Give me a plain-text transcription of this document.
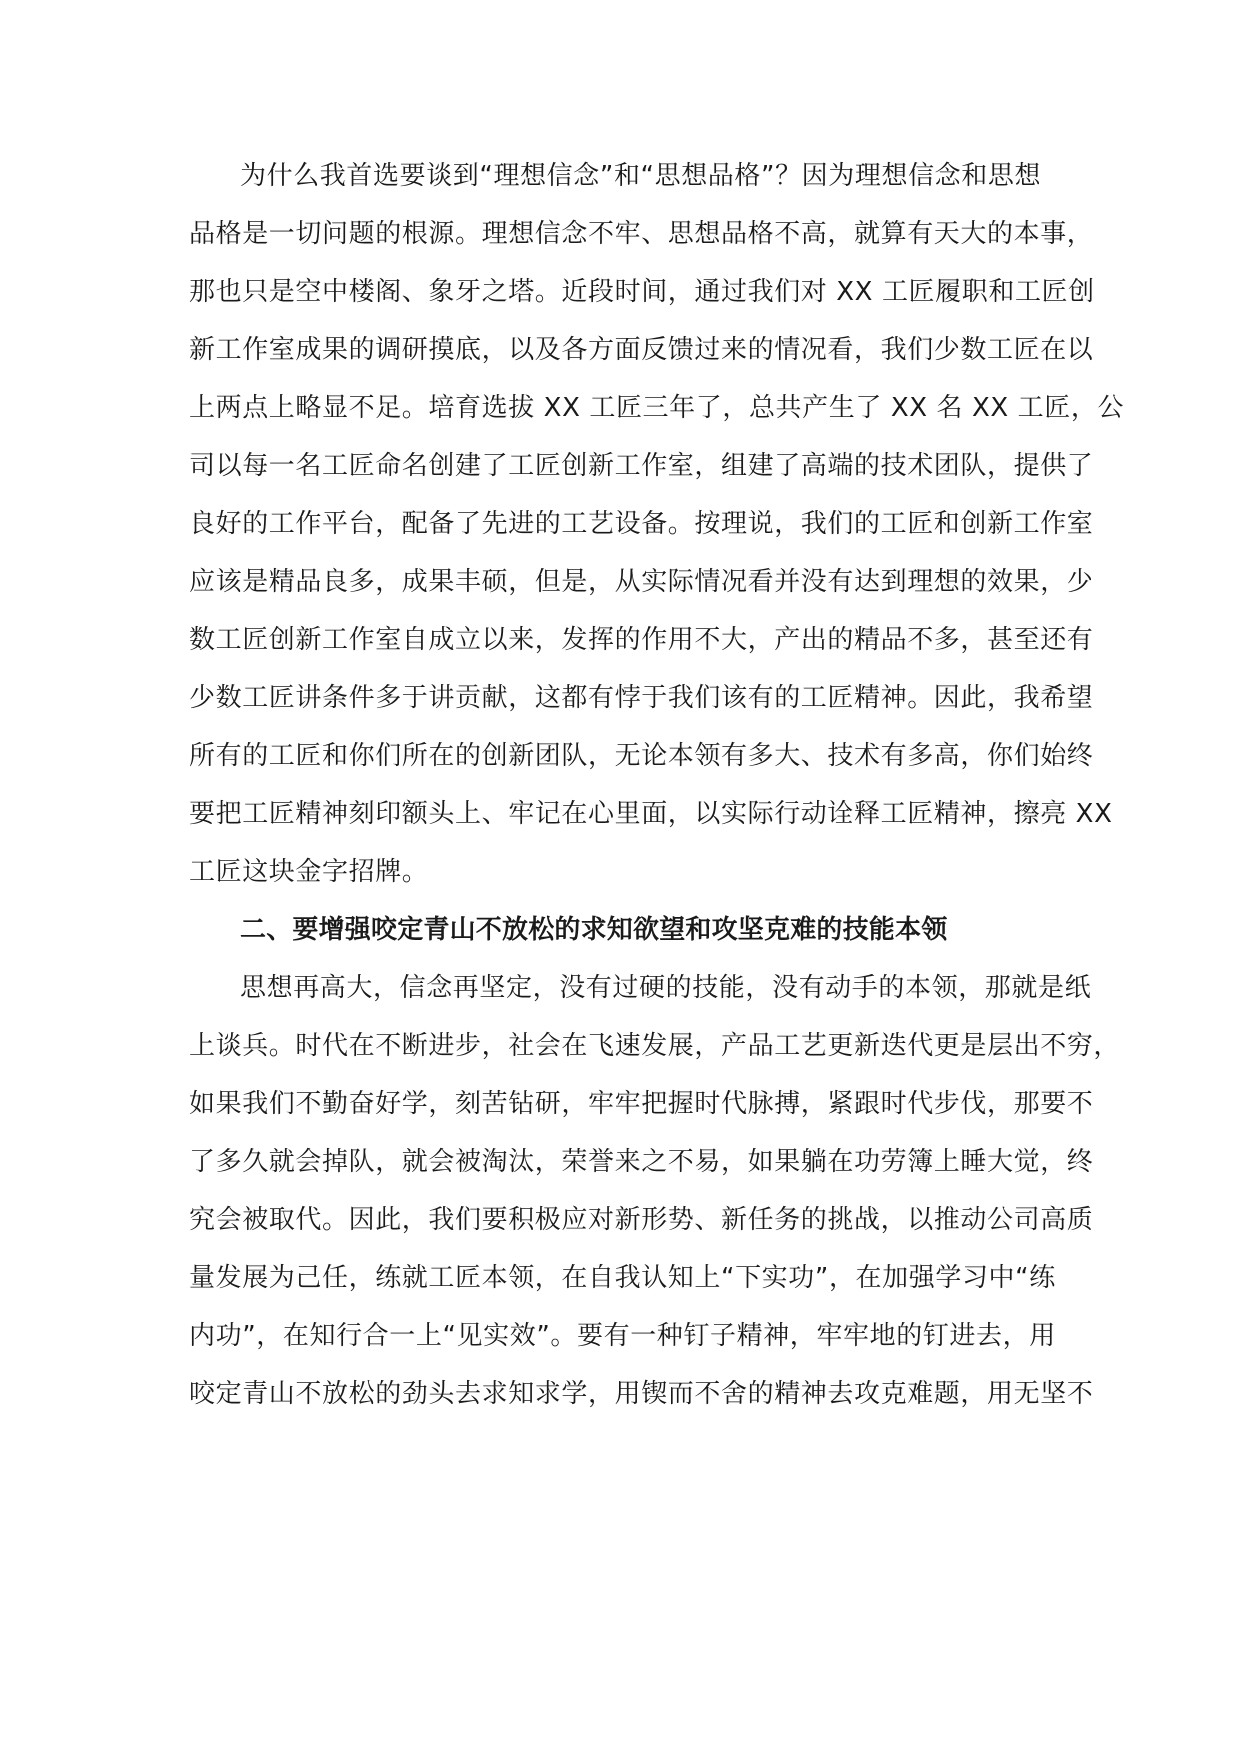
为什么我首选要谈到“理想信念”和“思想品格”？因为理想信念和思想
品格是一切问题的根源。理想信念不牢、思想品格不高，就算有天大的本事，
那也只是空中楼阁、象牙之塔。近段时间，通过我们对 XX 工匠履职和工匠创
新工作室成果的调研摸底，以及各方面反馈过来的情况看，我们少数工匠在以
上两点上略显不足。培育选拔 XX 工匠三年了，总共产生了 XX 名 XX 工匠，公
司以每一名工匠命名创建了工匠创新工作室，组建了高端的技术团队，提供了
良好的工作平台，配备了先进的工艺设备。按理说，我们的工匠和创新工作室
应该是精品良多，成果丰硕，但是，从实际情况看并没有达到理想的效果，少
数工匠创新工作室自成立以来，发挥的作用不大，产出的精品不多，甚至还有
少数工匠讲条件多于讲贡献，这都有悖于我们该有的工匠精神。因此，我希望
所有的工匠和你们所在的创新团队，无论本领有多大、技术有多高，你们始终
要把工匠精神刻印额头上、牢记在心里面，以实际行动诠释工匠精神，擦亮 XX
工匠这块金字招牌。
二、要增强咬定青山不放松的求知欲望和攻坚克难的技能本领
思想再高大，信念再坚定，没有过硬的技能，没有动手的本领，那就是纸
上谈兵。时代在不断进步，社会在飞速发展，产品工艺更新迭代更是层出不穷，
如果我们不勤奋好学，刻苦钻研，牢牢把握时代脉搏，紧跟时代步伐，那要不
了多久就会掉队，就会被淘汰，荣誉来之不易，如果躺在功劳簿上睡大觉，终
究会被取代。因此，我们要积极应对新形势、新任务的挑战，以推动公司高质
量发展为己任，练就工匠本领，在自我认知上“下实功”，在加强学习中“练
内功”，在知行合一上“见实效”。要有一种钉子精神，牢牢地的钉进去，用
咬定青山不放松的劲头去求知求学，用锲而不舍的精神去攻克难题，用无坚不
